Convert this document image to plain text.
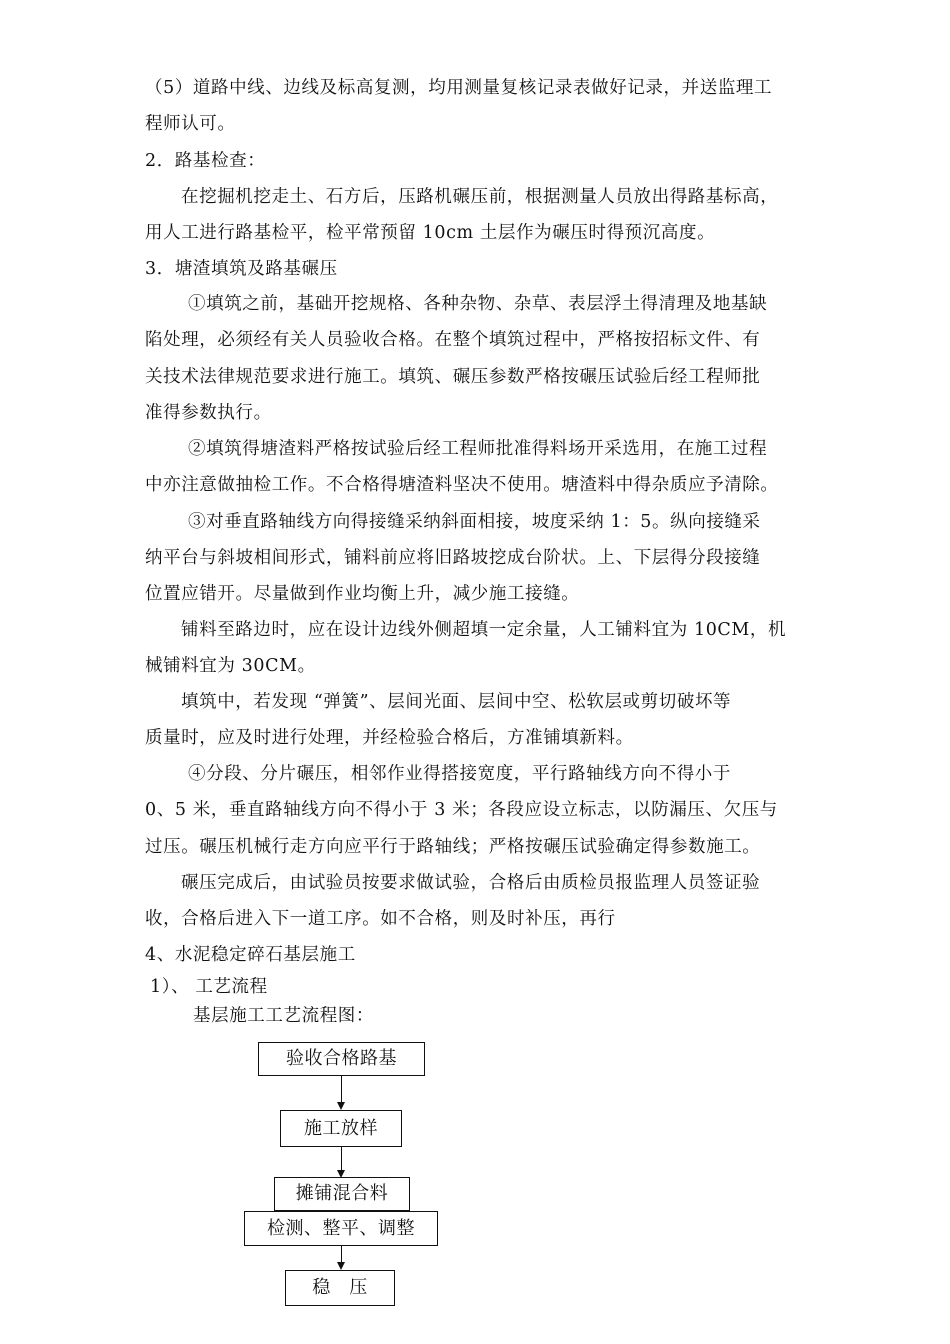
（5）道路中线、边线及标高复测，均用测量复核记录表做好记录，并送监理工
程师认可。
2．路基检查：
在挖掘机挖走土、石方后，压路机碾压前，根据测量人员放出得路基标高，
用人工进行路基检平，检平常预留 10cm 土层作为碾压时得预沉高度。
3．塘渣填筑及路基碾压
①填筑之前，基础开挖规格、各种杂物、杂草、表层浮土得清理及地基缺
陷处理，必须经有关人员验收合格。在整个填筑过程中，严格按招标文件、有
关技术法律规范要求进行施工。填筑、碾压参数严格按碾压试验后经工程师批
准得参数执行。
②填筑得塘渣料严格按试验后经工程师批准得料场开采选用，在施工过程
中亦注意做抽检工作。不合格得塘渣料坚决不使用。塘渣料中得杂质应予清除。
③对垂直路轴线方向得接缝采纳斜面相接，坡度采纳 1：5。纵向接缝采
纳平台与斜坡相间形式，铺料前应将旧路坡挖成台阶状。上、下层得分段接缝
位置应错开。尽量做到作业均衡上升，减少施工接缝。
铺料至路边时，应在设计边线外侧超填一定余量，人工铺料宜为 10CM，机
械铺料宜为 30CM。
填筑中，若发现 “弹簧”、层间光面、层间中空、松软层或剪切破坏等
质量时，应及时进行处理，并经检验合格后，方准铺填新料。
④分段、分片碾压，相邻作业得搭接宽度，平行路轴线方向不得小于
0、5 米，垂直路轴线方向不得小于 3 米；各段应设立标志，以防漏压、欠压与
过压。碾压机械行走方向应平行于路轴线；严格按碾压试验确定得参数施工。
碾压完成后，由试验员按要求做试验，合格后由质检员报监理人员签证验
收，合格后进入下一道工序。如不合格，则及时补压，再行
4、水泥稳定碎石基层施工
1）、 工艺流程
基层施工工艺流程图：
验收合格路基
施工放样
摊铺混合料
检测、整平、调整
稳　压
